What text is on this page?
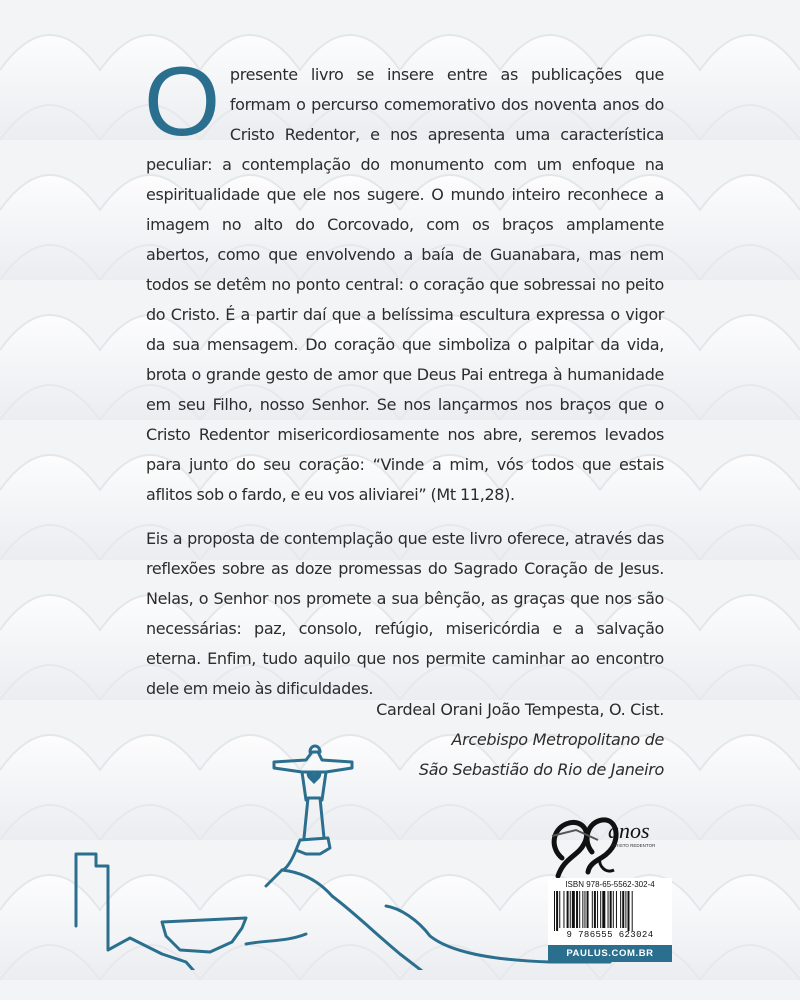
Opresente livro se insere entre as publicações que formam o percurso comemorativo dos noventa anos do Cristo Redentor, e nos apresenta uma característica peculiar: a contemplação do monumento com um enfoque na espiritualidade que ele nos sugere. O mundo inteiro reconhece a imagem no alto do Corcovado, com os braços amplamente abertos, como que envolvendo a baía de Guanabara, mas nem todos se detêm no ponto central: o coração que sobressai no peito do Cristo. É a partir daí que a belíssima escultura expressa o vigor da sua mensagem. Do coração que simboliza o palpitar da vida, brota o grande gesto de amor que Deus Pai entrega à humanidade em seu Filho, nosso Senhor. Se nos lançarmos nos braços que o Cristo Redentor misericordiosamente nos abre, seremos levados para junto do seu coração: “Vinde a mim, vós todos que estais aflitos sob o fardo, e eu vos aliviarei” (Mt 11,28).

Eis a proposta de contemplação que este livro oferece, através das reflexões sobre as doze promessas do Sagrado Coração de Jesus. Nelas, o Senhor nos promete a sua bênção, as graças que nos são necessárias: paz, consolo, refúgio, misericórdia e a salvação eterna. Enfim, tudo aquilo que nos permite caminhar ao encontro dele em meio às dificuldades.

Cardeal Orani João Tempesta, O. Cist.
Arcebispo Metropolitano de
São Sebastião do Rio de Janeiro
anos
CRISTO REDENTOR
ISBN 978-65-5562-302-4
9 786555 623024
PAULUS.COM.BR
